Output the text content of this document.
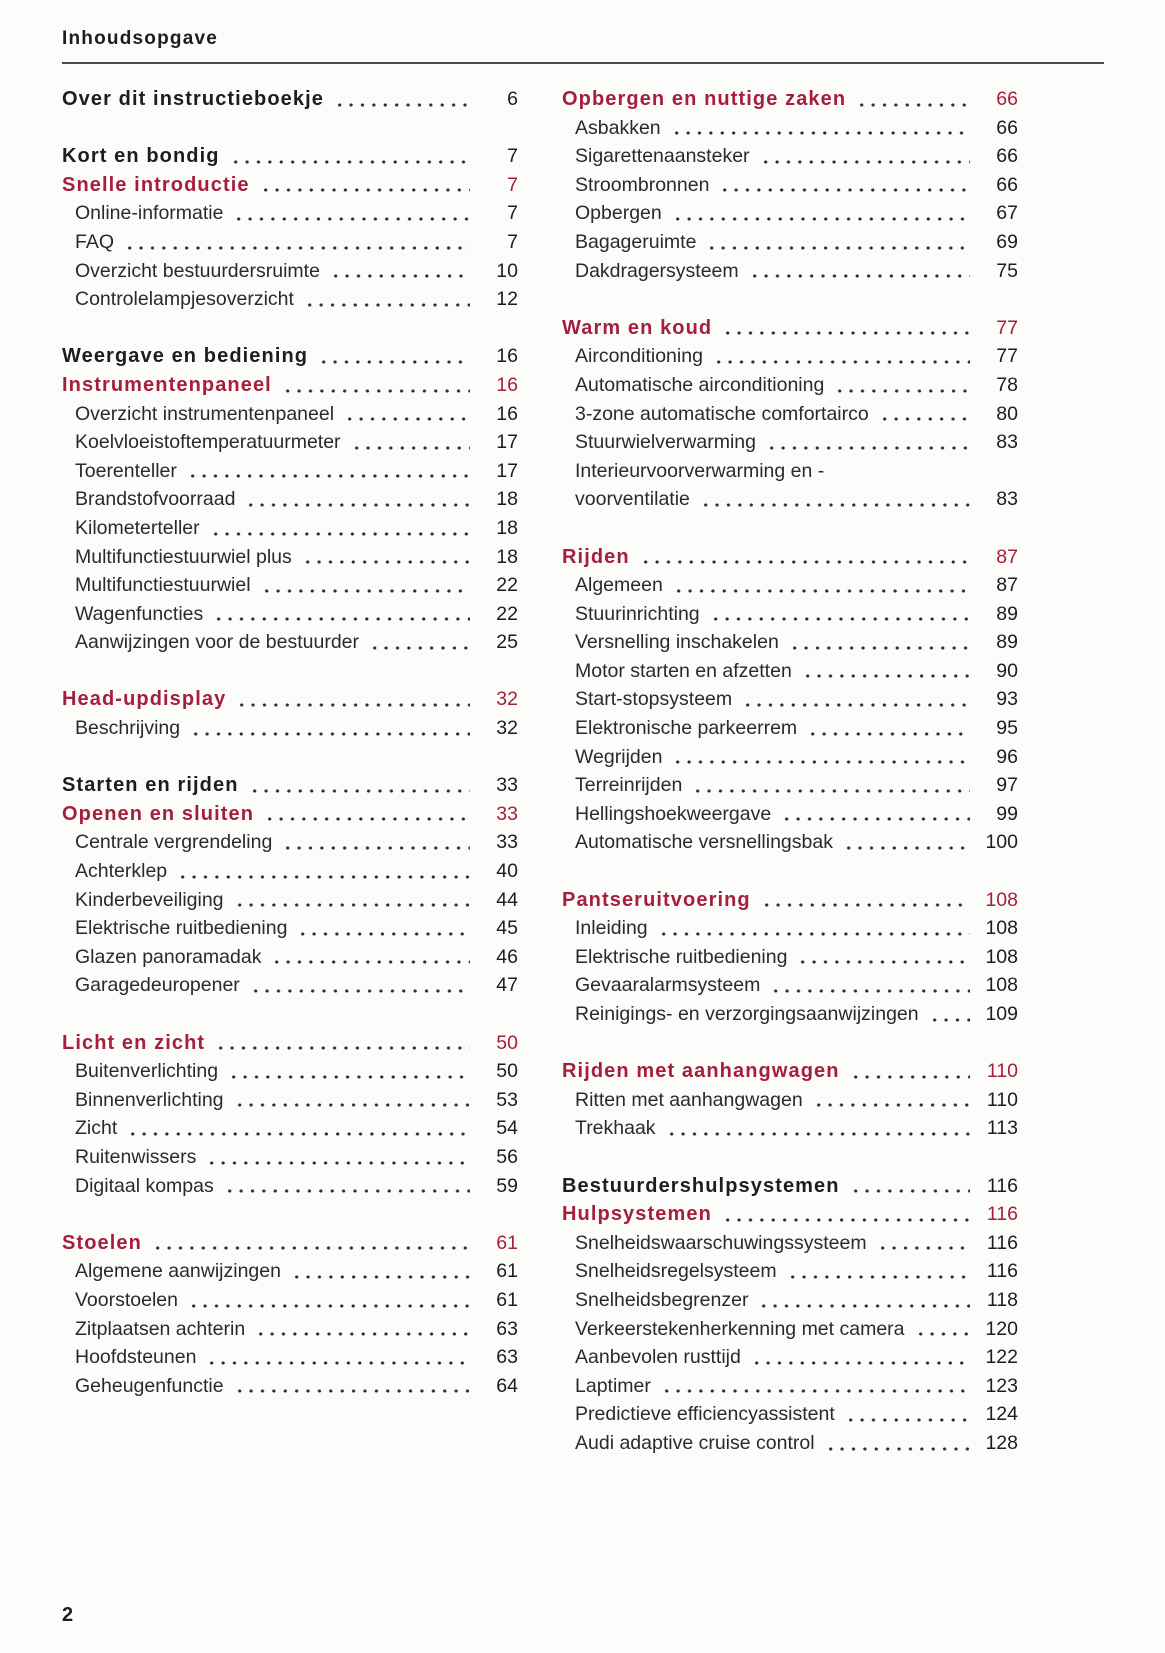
Inhoudsopgave
Over dit instructieboekje	6
Kort en bondig	7
Snelle introductie	7
Online-informatie	7
FAQ	7
Overzicht bestuurdersruimte	10
Controlelampjesoverzicht	12
Weergave en bediening	16
Instrumentenpaneel	16
Overzicht instrumentenpaneel	16
Koelvloeistoftemperatuurmeter	17
Toerenteller	17
Brandstofvoorraad	18
Kilometerteller	18
Multifunctiestuurwiel plus	18
Multifunctiestuurwiel	22
Wagenfuncties	22
Aanwijzingen voor de bestuurder	25
Head-updisplay	32
Beschrijving	32
Starten en rijden	33
Openen en sluiten	33
Centrale vergrendeling	33
Achterklep	40
Kinderbeveiliging	44
Elektrische ruitbediening	45
Glazen panoramadak	46
Garagedeuropener	47
Licht en zicht	50
Buitenverlichting	50
Binnenverlichting	53
Zicht	54
Ruitenwissers	56
Digitaal kompas	59
Stoelen	61
Algemene aanwijzingen	61
Voorstoelen	61
Zitplaatsen achterin	63
Hoofdsteunen	63
Geheugenfunctie	64
Opbergen en nuttige zaken	66
Asbakken	66
Sigarettenaansteker	66
Stroombronnen	66
Opbergen	67
Bagageruimte	69
Dakdragersysteem	75
Warm en koud	77
Airconditioning	77
Automatische airconditioning	78
3-zone automatische comfortairco	80
Stuurwielverwarming	83
Interieurvoorverwarming en -
voorventilatie	83
Rijden	87
Algemeen	87
Stuurinrichting	89
Versnelling inschakelen	89
Motor starten en afzetten	90
Start-stopsysteem	93
Elektronische parkeerrem	95
Wegrijden	96
Terreinrijden	97
Hellingshoekweergave	99
Automatische versnellingsbak	100
Pantseruitvoering	108
Inleiding	108
Elektrische ruitbediening	108
Gevaaralarmsysteem	108
Reinigings- en verzorgingsaanwijzingen	109
Rijden met aanhangwagen	110
Ritten met aanhangwagen	110
Trekhaak	113
Bestuurdershulpsystemen	116
Hulpsystemen	116
Snelheidswaarschuwingssysteem	116
Snelheidsregelsysteem	116
Snelheidsbegrenzer	118
Verkeerstekenherkenning met camera	120
Aanbevolen rusttijd	122
Laptimer	123
Predictieve efficiencyassistent	124
Audi adaptive cruise control	128
2
